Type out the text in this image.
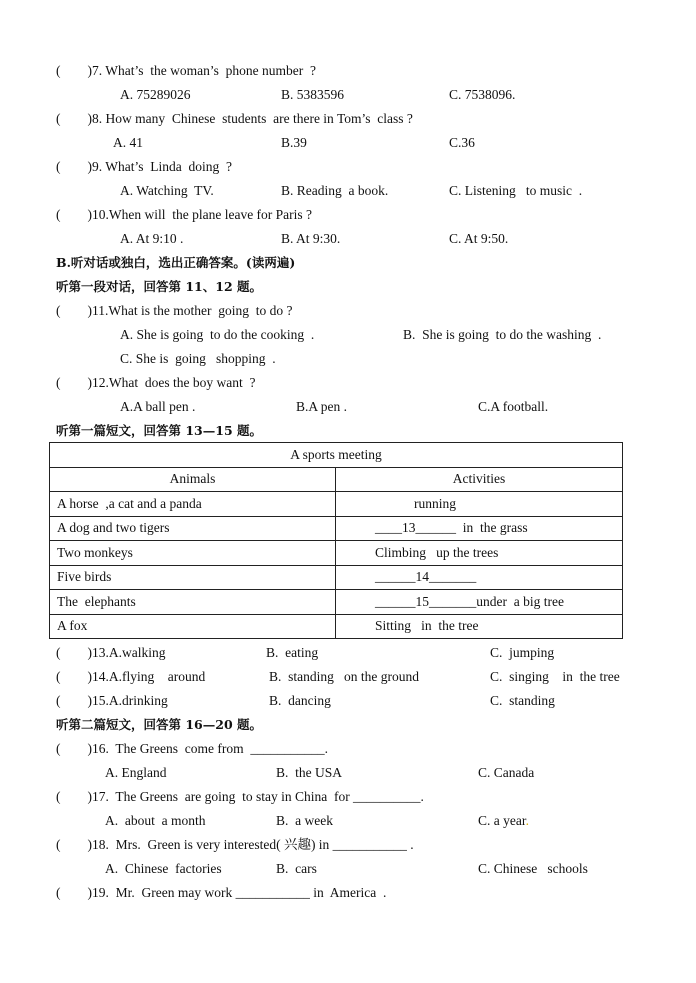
(        )7. What’s  the woman’s  phone number  ?
A. 75289026	B. 5383596	C. 7538096.
(        )8. How many  Chinese  students  are there in Tom’s  class ?
A. 41	B.39	C.36
(        )9. What’s  Linda  doing  ?
A. Watching  TV.	B. Reading  a book.	C. Listening   to music  .
(        )10.When will  the plane leave for Paris ?
A. At 9:10 .	B. At 9:30.	C. At 9:50.
B.听对话或独白，选出正确答案。(读两遍)
听第一段对话，回答第 11、12 题。
(        )11.What is the mother  going  to do ?
A. She is going  to do the cooking  .	B.  She is going  to do the washing  .
C. She is  going   shopping  .
(        )12.What  does the boy want  ?
A.A ball pen .	B.A pen .	C.A football.
听第一篇短文，回答第 13—15 题。
A sports meeting	
Animals	Activities
A horse  ,a cat and a panda	running
A dog and two tigers	____13______  in  the grass
Two monkeys	Climbing   up the trees
Five birds	______14_______
The  elephants	______15_______under  a big tree
A fox	Sitting   in  the tree
(        )13.A.walking	B.  eating	C.  jumping
(        )14.A.flying    around	B.  standing   on the ground	C.  singing    in  the tree
(        )15.A.drinking	B.  dancing	C.  standing
听第二篇短文，回答第 16—20 题。
(        )16.  The Greens  come from  ___________.
A. England	B.  the USA	C. Canada
(        )17.  The Greens  are going  to stay in China  for __________.
A.  about  a month	B.  a week	C. a year.
(        )18.  Mrs.  Green is very interested( 兴趣) in ___________ .
A.  Chinese  factories	B.  cars	C. Chinese   schools
(        )19.  Mr.  Green may work ___________ in  America  .
